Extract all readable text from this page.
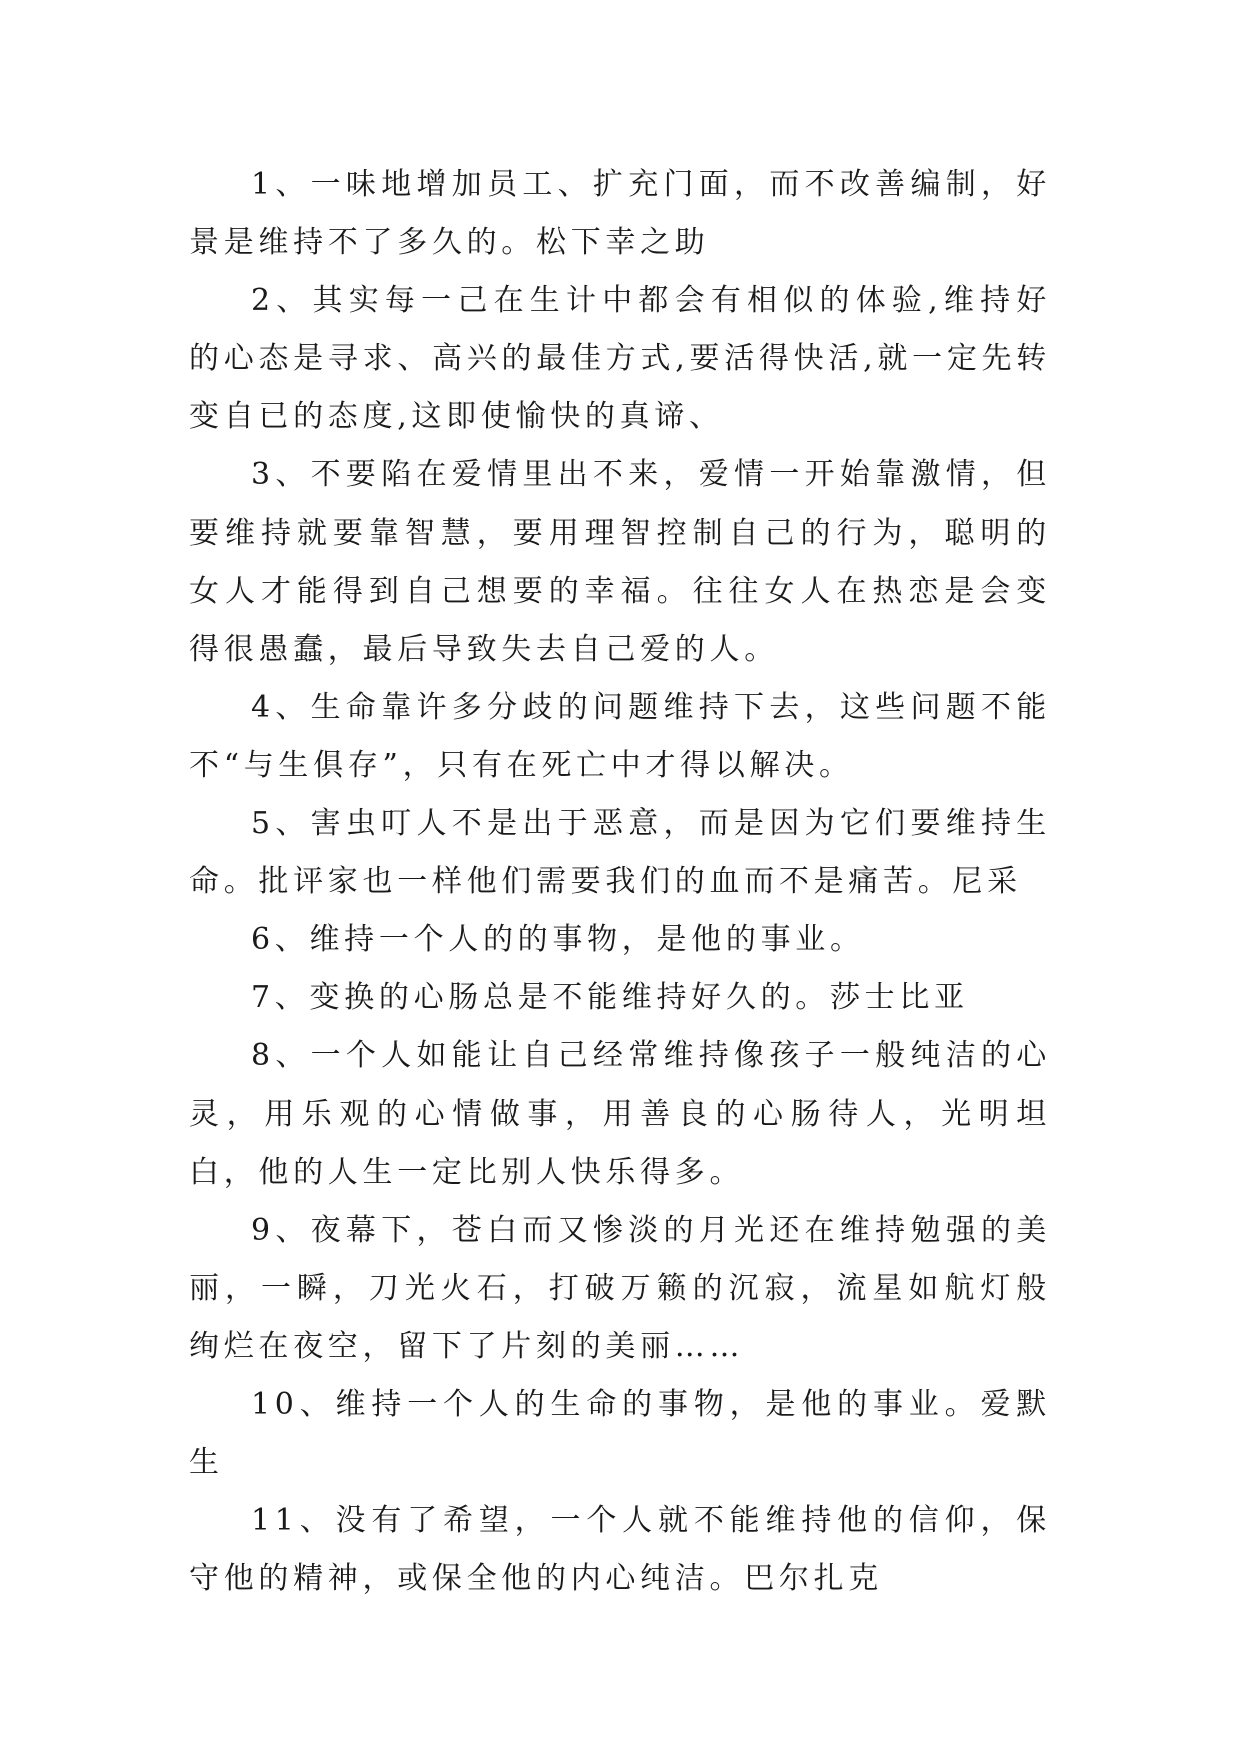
1、一味地增加员工、扩充门面，而不改善编制，好景是维持不了多久的。松下幸之助

2、其实每一己在生计中都会有相似的体验,维持好的心态是寻求、高兴的最佳方式,要活得快活,就一定先转变自已的态度,这即使愉快的真谛、

3、不要陷在爱情里出不来，爱情一开始靠激情，但要维持就要靠智慧，要用理智控制自己的行为，聪明的女人才能得到自己想要的幸福。往往女人在热恋是会变得很愚蠢，最后导致失去自己爱的人。

4、生命靠许多分歧的问题维持下去，这些问题不能不“与生俱存”，只有在死亡中才得以解决。

5、害虫叮人不是出于恶意，而是因为它们要维持生命。批评家也一样他们需要我们的血而不是痛苦。尼采

6、维持一个人的的事物，是他的事业。

7、变换的心肠总是不能维持好久的。莎士比亚

8、一个人如能让自己经常维持像孩子一般纯洁的心灵，用乐观的心情做事，用善良的心肠待人，光明坦白，他的人生一定比别人快乐得多。

9、夜幕下，苍白而又惨淡的月光还在维持勉强的美丽，一瞬，刀光火石，打破万籁的沉寂，流星如航灯般绚烂在夜空，留下了片刻的美丽……

10、维持一个人的生命的事物，是他的事业。爱默生

11、没有了希望，一个人就不能维持他的信仰，保守他的精神，或保全他的内心纯洁。巴尔扎克
